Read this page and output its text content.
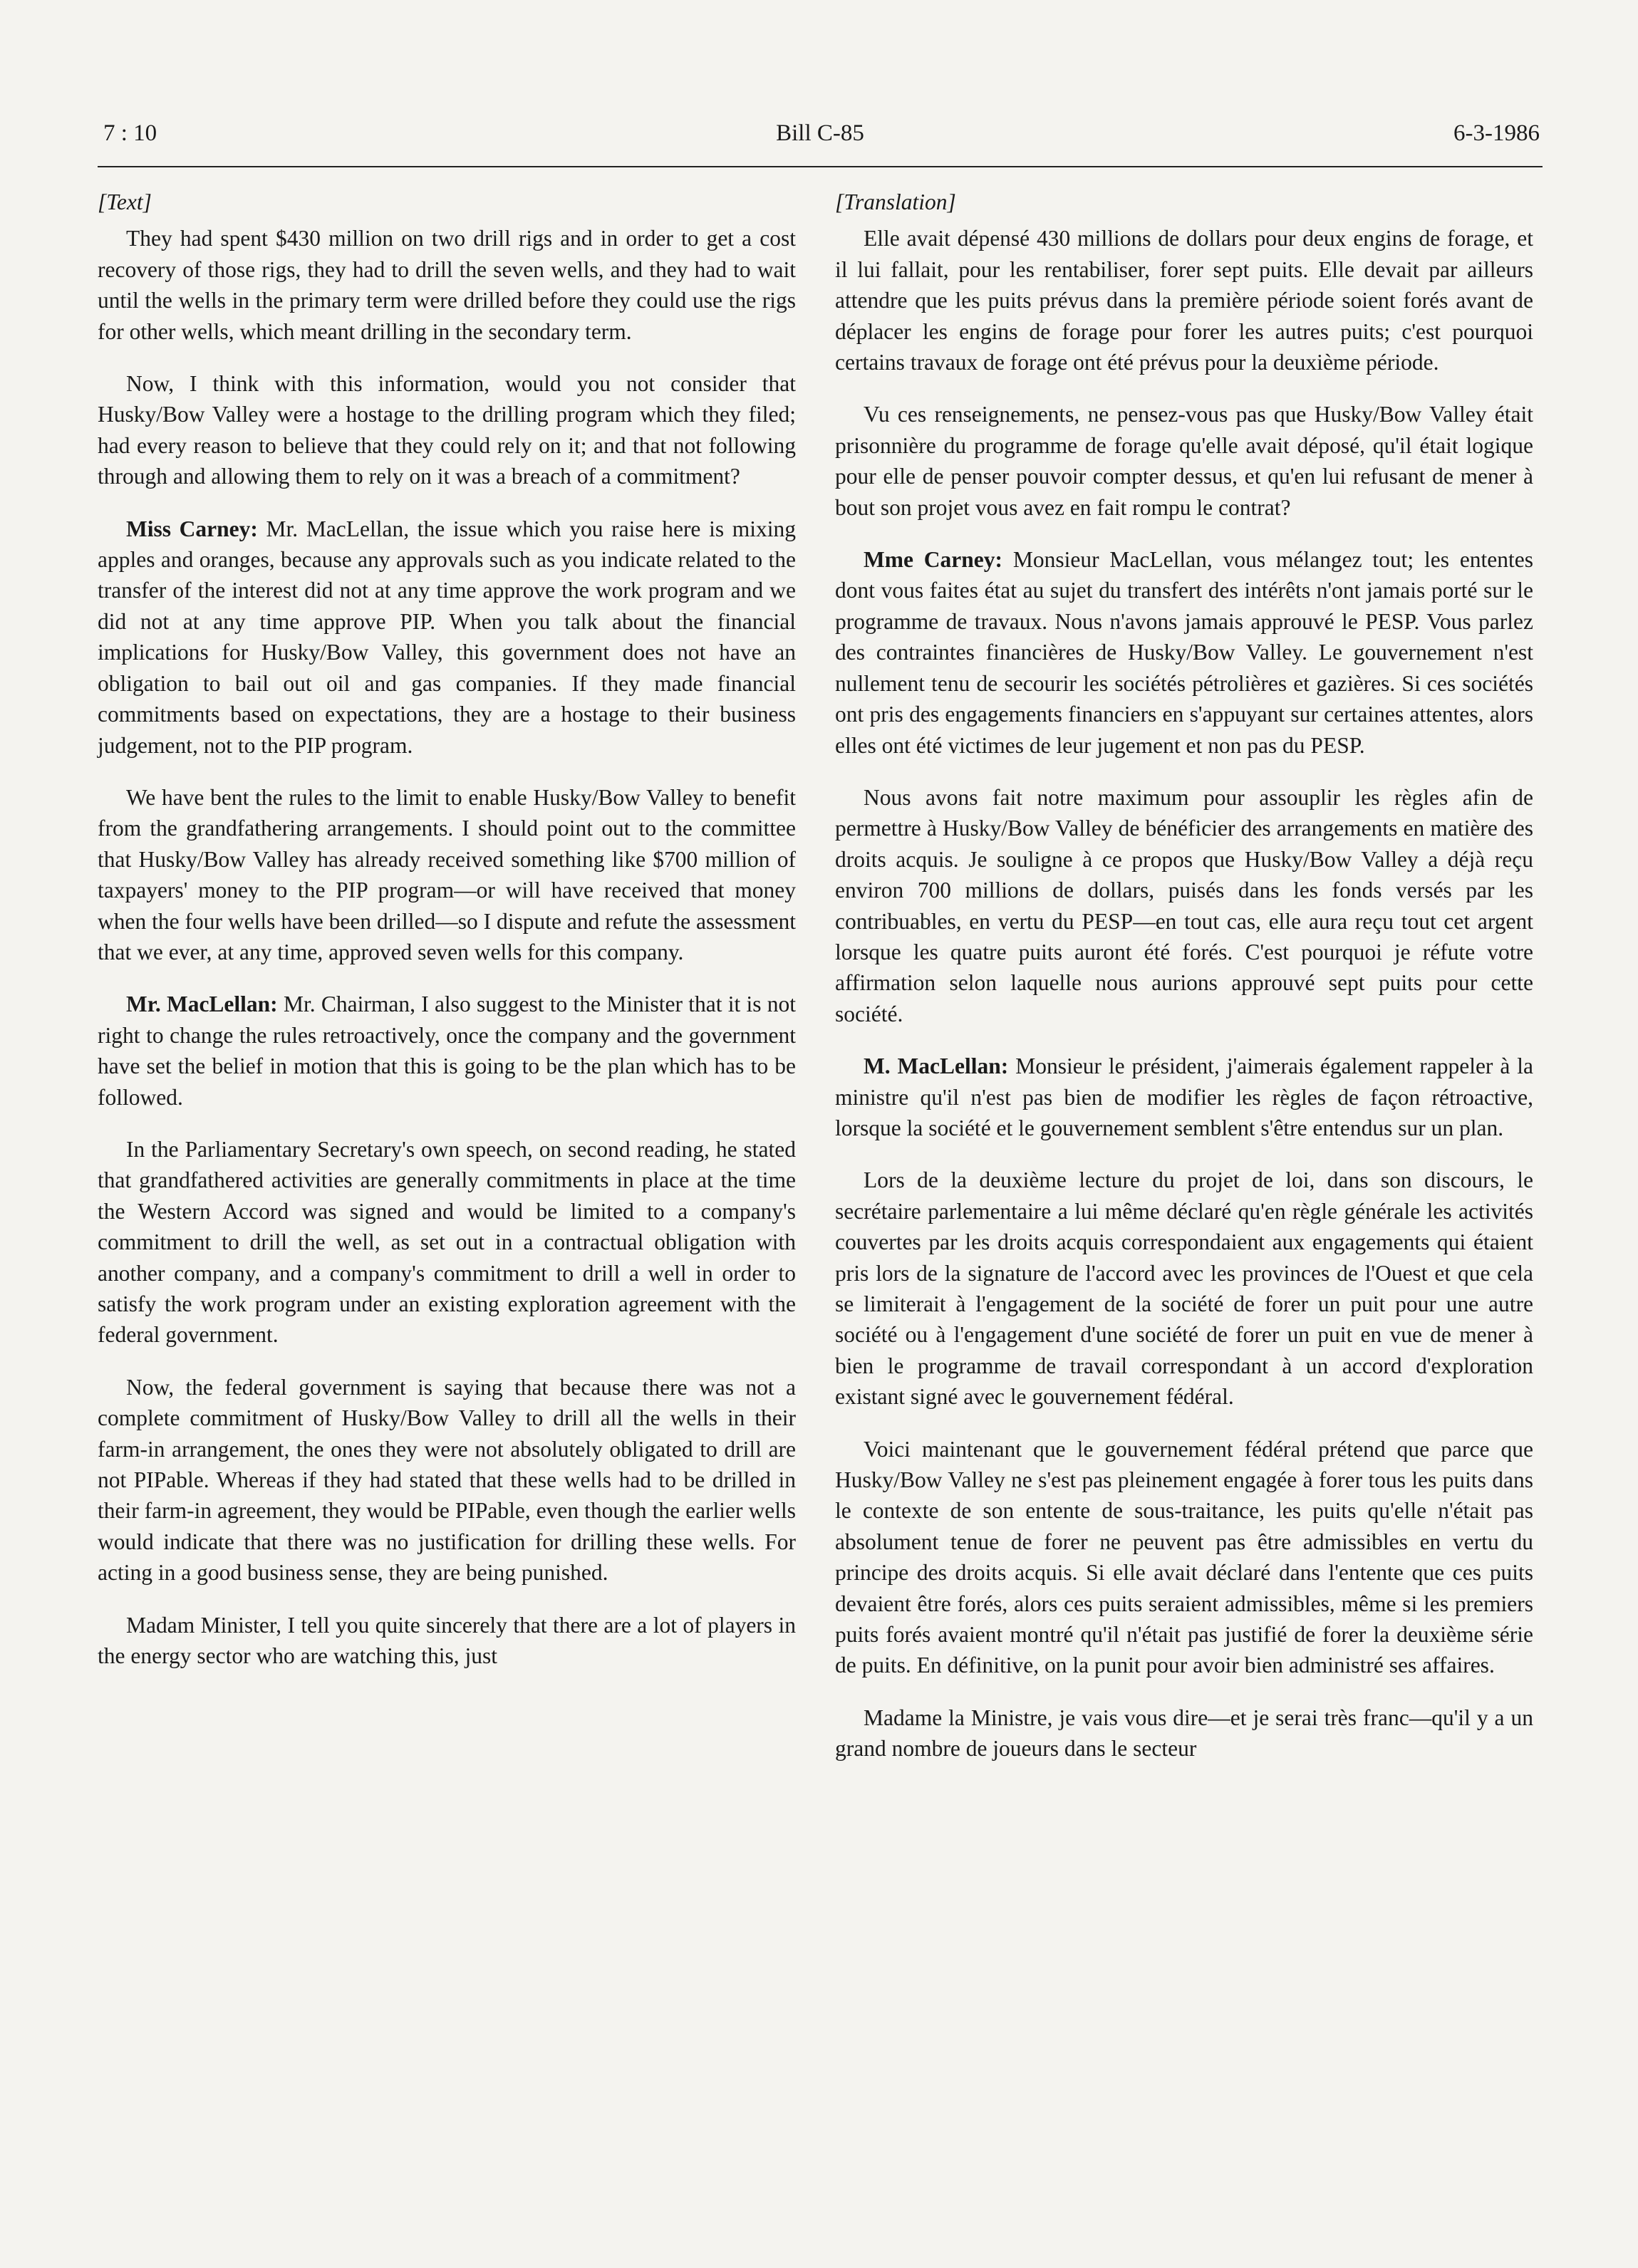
7 : 10	Bill C-85	6-3-1986
[Text]
They had spent $430 million on two drill rigs and in order to get a cost recovery of those rigs, they had to drill the seven wells, and they had to wait until the wells in the primary term were drilled before they could use the rigs for other wells, which meant drilling in the secondary term.
Now, I think with this information, would you not consider that Husky/Bow Valley were a hostage to the drilling program which they filed; had every reason to believe that they could rely on it; and that not following through and allowing them to rely on it was a breach of a commitment?
Miss Carney: Mr. MacLellan, the issue which you raise here is mixing apples and oranges, because any approvals such as you indicate related to the transfer of the interest did not at any time approve the work program and we did not at any time approve PIP. When you talk about the financial implications for Husky/Bow Valley, this government does not have an obligation to bail out oil and gas companies. If they made financial commitments based on expectations, they are a hostage to their business judgement, not to the PIP program.
We have bent the rules to the limit to enable Husky/Bow Valley to benefit from the grandfathering arrangements. I should point out to the committee that Husky/Bow Valley has already received something like $700 million of taxpayers' money to the PIP program—or will have received that money when the four wells have been drilled—so I dispute and refute the assessment that we ever, at any time, approved seven wells for this company.
Mr. MacLellan: Mr. Chairman, I also suggest to the Minister that it is not right to change the rules retroactively, once the company and the government have set the belief in motion that this is going to be the plan which has to be followed.
In the Parliamentary Secretary's own speech, on second reading, he stated that grandfathered activities are generally commitments in place at the time the Western Accord was signed and would be limited to a company's commitment to drill the well, as set out in a contractual obligation with another company, and a company's commitment to drill a well in order to satisfy the work program under an existing exploration agreement with the federal government.
Now, the federal government is saying that because there was not a complete commitment of Husky/Bow Valley to drill all the wells in their farm-in arrangement, the ones they were not absolutely obligated to drill are not PIPable. Whereas if they had stated that these wells had to be drilled in their farm-in agreement, they would be PIPable, even though the earlier wells would indicate that there was no justification for drilling these wells. For acting in a good business sense, they are being punished.
Madam Minister, I tell you quite sincerely that there are a lot of players in the energy sector who are watching this, just
[Translation]
Elle avait dépensé 430 millions de dollars pour deux engins de forage, et il lui fallait, pour les rentabiliser, forer sept puits. Elle devait par ailleurs attendre que les puits prévus dans la première période soient forés avant de déplacer les engins de forage pour forer les autres puits; c'est pourquoi certains travaux de forage ont été prévus pour la deuxième période.
Vu ces renseignements, ne pensez-vous pas que Husky/Bow Valley était prisonnière du programme de forage qu'elle avait déposé, qu'il était logique pour elle de penser pouvoir compter dessus, et qu'en lui refusant de mener à bout son projet vous avez en fait rompu le contrat?
Mme Carney: Monsieur MacLellan, vous mélangez tout; les ententes dont vous faites état au sujet du transfert des intérêts n'ont jamais porté sur le programme de travaux. Nous n'avons jamais approuvé le PESP. Vous parlez des contraintes financières de Husky/Bow Valley. Le gouvernement n'est nullement tenu de secourir les sociétés pétrolières et gazières. Si ces sociétés ont pris des engagements financiers en s'appuyant sur certaines attentes, alors elles ont été victimes de leur jugement et non pas du PESP.
Nous avons fait notre maximum pour assouplir les règles afin de permettre à Husky/Bow Valley de bénéficier des arrangements en matière des droits acquis. Je souligne à ce propos que Husky/Bow Valley a déjà reçu environ 700 millions de dollars, puisés dans les fonds versés par les contribuables, en vertu du PESP—en tout cas, elle aura reçu tout cet argent lorsque les quatre puits auront été forés. C'est pourquoi je réfute votre affirmation selon laquelle nous aurions approuvé sept puits pour cette société.
M. MacLellan: Monsieur le président, j'aimerais également rappeler à la ministre qu'il n'est pas bien de modifier les règles de façon rétroactive, lorsque la société et le gouvernement semblent s'être entendus sur un plan.
Lors de la deuxième lecture du projet de loi, dans son discours, le secrétaire parlementaire a lui même déclaré qu'en règle générale les activités couvertes par les droits acquis correspondaient aux engagements qui étaient pris lors de la signature de l'accord avec les provinces de l'Ouest et que cela se limiterait à l'engagement de la société de forer un puit pour une autre société ou à l'engagement d'une société de forer un puit en vue de mener à bien le programme de travail correspondant à un accord d'exploration existant signé avec le gouvernement fédéral.
Voici maintenant que le gouvernement fédéral prétend que parce que Husky/Bow Valley ne s'est pas pleinement engagée à forer tous les puits dans le contexte de son entente de sous-traitance, les puits qu'elle n'était pas absolument tenue de forer ne peuvent pas être admissibles en vertu du principe des droits acquis. Si elle avait déclaré dans l'entente que ces puits devaient être forés, alors ces puits seraient admissibles, même si les premiers puits forés avaient montré qu'il n'était pas justifié de forer la deuxième série de puits. En définitive, on la punit pour avoir bien administré ses affaires.
Madame la Ministre, je vais vous dire—et je serai très franc—qu'il y a un grand nombre de joueurs dans le secteur
